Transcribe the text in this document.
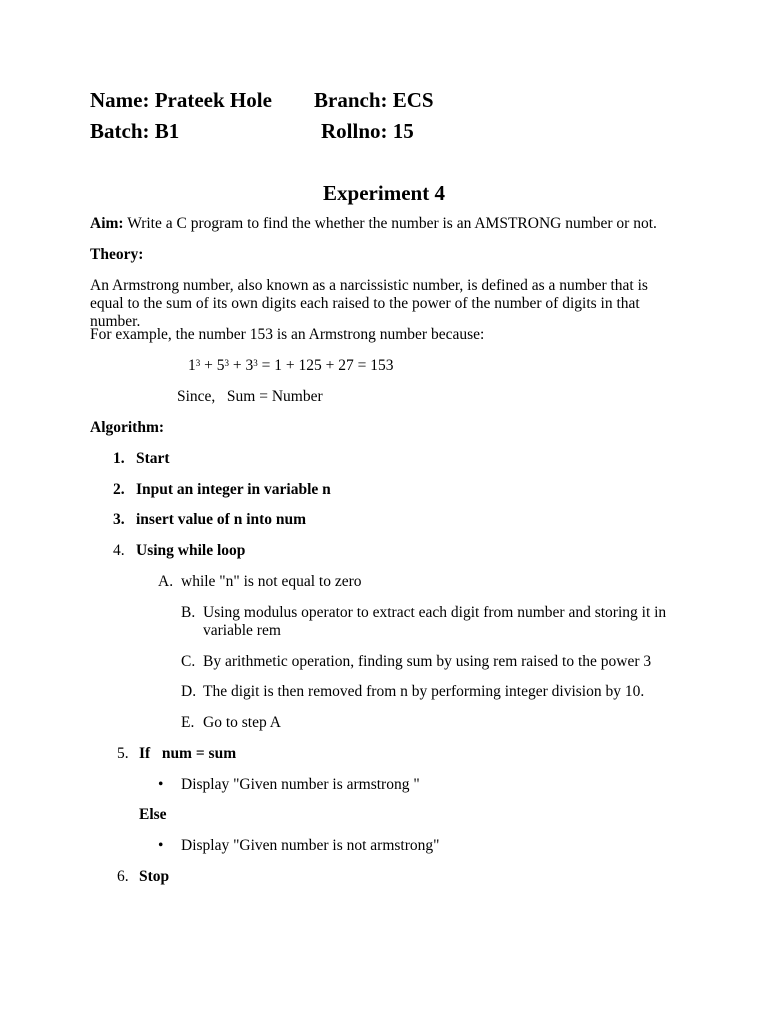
Name: Prateek Hole Branch: ECS
Batch: B1	Rollno: 15
Experiment 4
Aim: Write a C program to find the whether the number is an AMSTRONG number or not.
Theory:
An Armstrong number, also known as a narcissistic number, is defined as a number that is equal to the sum of its own digits each raised to the power of the number of digits in that number.
For example, the number 153 is an Armstrong number because:
$1^3 + 5^3 + 3^3 = 1 + 125 + 27 = 153$
Since,   Sum = Number
Algorithm:
1. Start
2. Input an integer in variable n
3. insert value of n into num
4. Using while loop
A. while "n" is not equal to zero
B. Using modulus operator to extract each digit from number and storing it in variable rem
C. By arithmetic operation, finding sum by using rem raised to the power 3
D. The digit is then removed from n by performing integer division by 10.
E. Go to step A
5. If   num = sum
• Display "Given number is armstrong "
Else
• Display "Given number is not armstrong"
6. Stop
